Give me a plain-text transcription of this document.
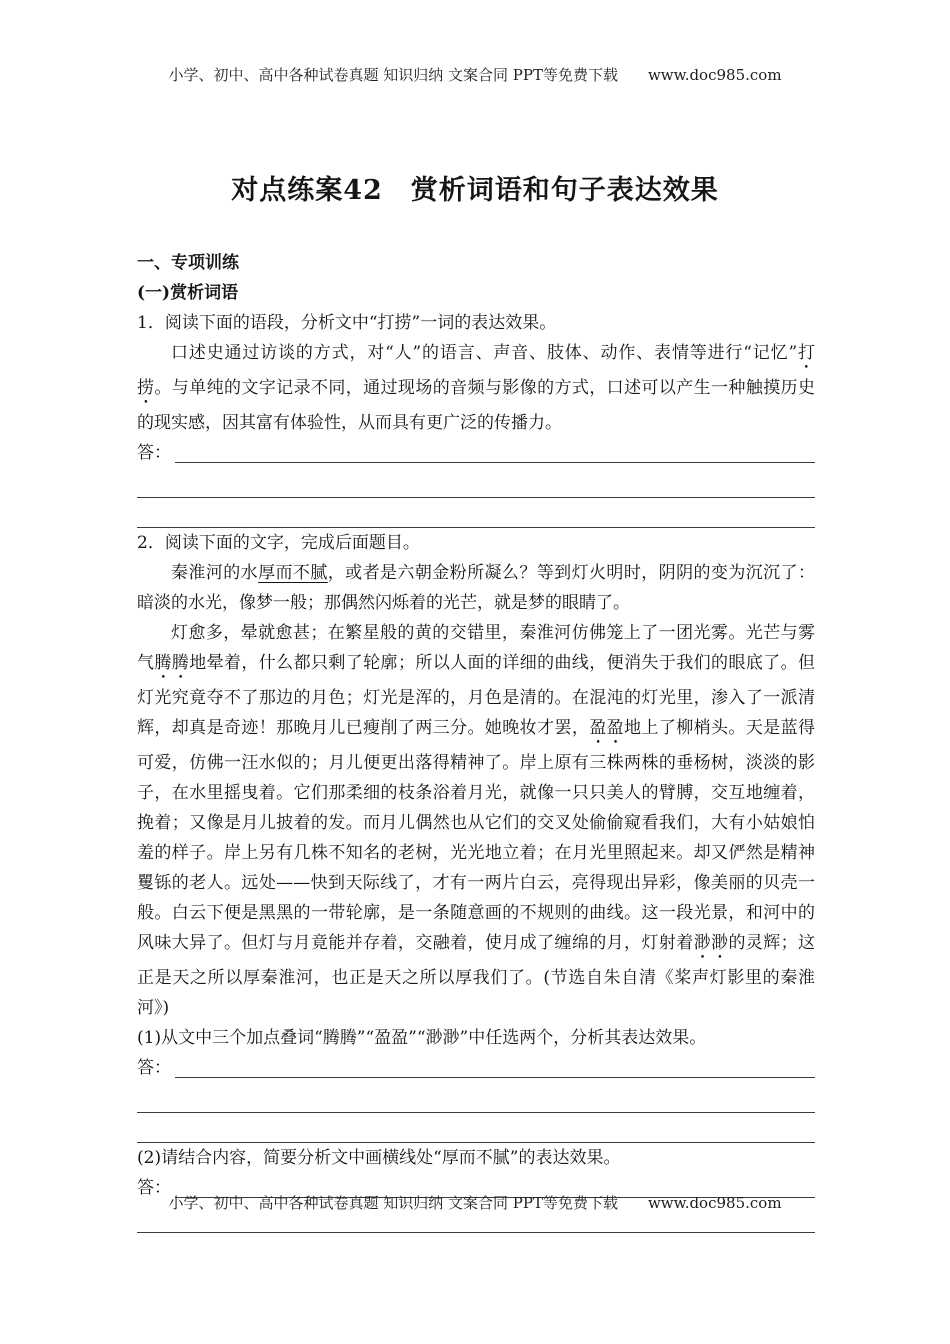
小学、初中、高中各种试卷真题 知识归纳 文案合同 PPT等免费下载 www.doc985.com
对点练案42　赏析词语和句子表达效果

一、专项训练

(一)赏析词语

1．阅读下面的语段，分析文中“打捞”一词的表达效果。

口述史通过访谈的方式，对“人”的语言、声音、肢体、动作、表情等进行“记忆”打捞。与单纯的文字记录不同，通过现场的音频与影像的方式，口述可以产生一种触摸历史的现实感，因其富有体验性，从而具有更广泛的传播力。

答：

2．阅读下面的文字，完成后面题目。

秦淮河的水厚而不腻，或者是六朝金粉所凝么？等到灯火明时，阴阴的变为沉沉了：暗淡的水光，像梦一般；那偶然闪烁着的光芒，就是梦的眼睛了。

灯愈多，晕就愈甚；在繁星般的黄的交错里，秦淮河仿佛笼上了一团光雾。光芒与雾气腾腾地晕着，什么都只剩了轮廓；所以人面的详细的曲线，便消失于我们的眼底了。但灯光究竟夺不了那边的月色；灯光是浑的，月色是清的。在混沌的灯光里，渗入了一派清辉，却真是奇迹！那晚月儿已瘦削了两三分。她晚妆才罢，盈盈地上了柳梢头。天是蓝得可爱，仿佛一汪水似的；月儿便更出落得精神了。岸上原有三株两株的垂杨树，淡淡的影子，在水里摇曳着。它们那柔细的枝条浴着月光，就像一只只美人的臂膊，交互地缠着，挽着；又像是月儿披着的发。而月儿偶然也从它们的交叉处偷偷窥看我们，大有小姑娘怕羞的样子。岸上另有几株不知名的老树，光光地立着；在月光里照起来。却又俨然是精神矍铄的老人。远处——快到天际线了，才有一两片白云，亮得现出异彩，像美丽的贝壳一般。白云下便是黑黑的一带轮廓，是一条随意画的不规则的曲线。这一段光景，和河中的风味大异了。但灯与月竟能并存着，交融着，使月成了缠绵的月，灯射着渺渺的灵辉；这正是天之所以厚秦淮河，也正是天之所以厚我们了。(节选自朱自清《桨声灯影里的秦淮河》)

(1)从文中三个加点叠词“腾腾”“盈盈”“渺渺”中任选两个，分析其表达效果。

答：

(2)请结合内容，简要分析文中画横线处“厚而不腻”的表达效果。

答：
小学、初中、高中各种试卷真题 知识归纳 文案合同 PPT等免费下载 www.doc985.com
